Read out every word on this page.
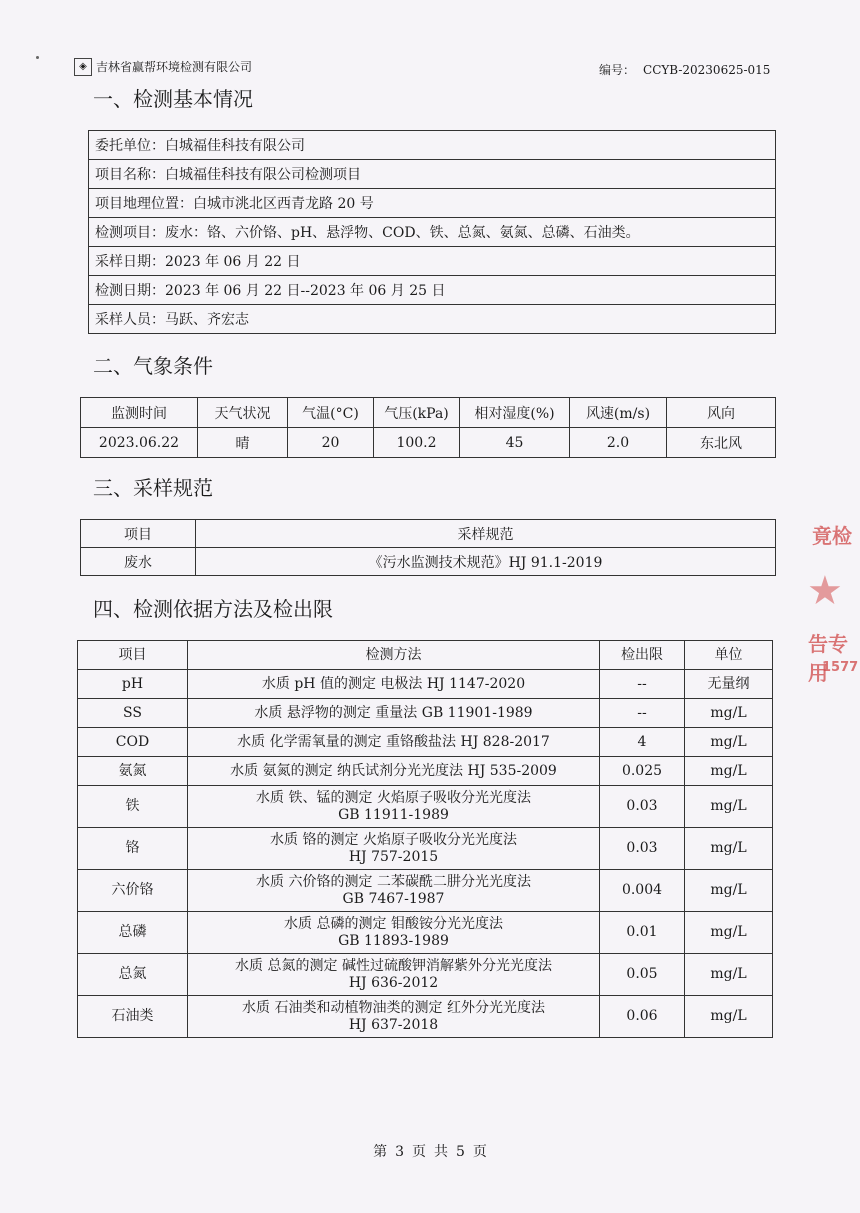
◈ 吉林省赢帮环境检测有限公司	编号： CCYB-20230625-015
一、检测基本情况
委托单位：白城福佳科技有限公司
项目名称：白城福佳科技有限公司检测项目
项目地理位置：白城市洮北区西青龙路 20 号
检测项目：废水：铬、六价铬、pH、悬浮物、COD、铁、总氮、氨氮、总磷、石油类。
采样日期：2023 年 06 月 22 日
检测日期：2023 年 06 月 22 日--2023 年 06 月 25 日
采样人员：马跃、齐宏志
二、气象条件
监测时间	天气状况	气温(°C)	气压(kPa)	相对湿度(%)	风速(m/s)	风向
2023.06.22	晴	20	100.2	45	2.0	东北风
三、采样规范
项目	采样规范
废水	《污水监测技术规范》HJ 91.1-2019
四、检测依据方法及检出限
项目	检测方法	检出限	单位
pH	水质 pH 值的测定 电极法 HJ 1147-2020	--	无量纲
SS	水质 悬浮物的测定 重量法 GB 11901-1989	--	mg/L
COD	水质 化学需氧量的测定 重铬酸盐法 HJ 828-2017	4	mg/L
氨氮	水质 氨氮的测定 纳氏试剂分光光度法 HJ 535-2009	0.025	mg/L
铁	水质 铁、锰的测定 火焰原子吸收分光光度法
GB 11911-1989	0.03	mg/L
铬	水质 铬的测定 火焰原子吸收分光光度法
HJ 757-2015	0.03	mg/L
六价铬	水质 六价铬的测定 二苯碳酰二肼分光光度法
GB 7467-1987	0.004	mg/L
总磷	水质 总磷的测定 钼酸铵分光光度法
GB 11893-1989	0.01	mg/L
总氮	水质 总氮的测定 碱性过硫酸钾消解紫外分光光度法
HJ 636-2012	0.05	mg/L
石油类	水质 石油类和动植物油类的测定 红外分光光度法
HJ 637-2018	0.06	mg/L
竟检
★
告专用
1577
第 3 页 共 5 页
